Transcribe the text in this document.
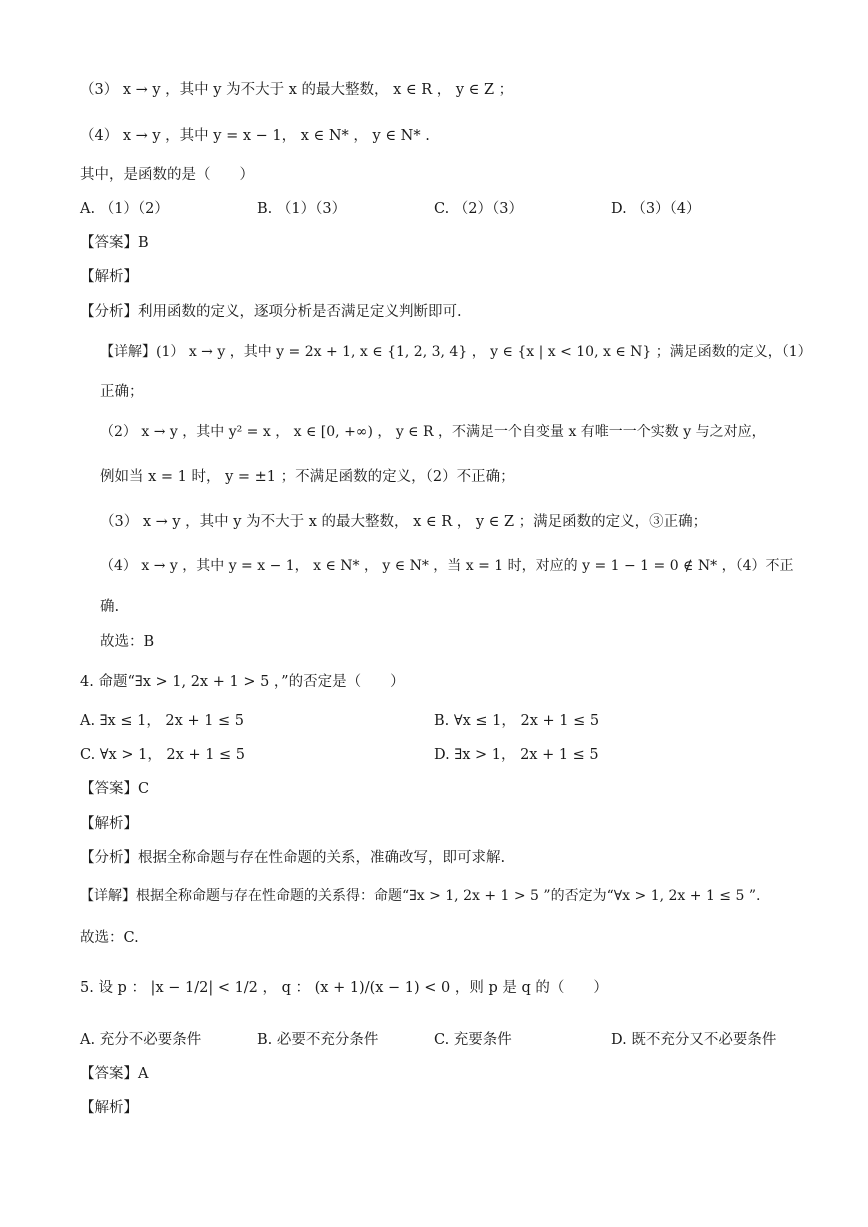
（3） x → y ，其中 y 为不大于 x 的最大整数， x ∈ R ， y ∈ Z ；
（4） x → y ，其中 y = x − 1， x ∈ N* ， y ∈ N* .
其中，是函数的是（　　）
A. （1）（2）	B. （1）（3）	C. （2）（3）	D. （3）（4）
【答案】B
【解析】
【分析】利用函数的定义，逐项分析是否满足定义判断即可.
【详解】(1） x → y ，其中 y = 2x + 1, x ∈ {1, 2, 3, 4} ， y ∈ {x | x < 10, x ∈ N} ；满足函数的定义，（1）
正确；
（2） x → y ，其中 y² = x ， x ∈ [0, +∞) ， y ∈ R ，不满足一个自变量 x 有唯一一个实数 y 与之对应，
例如当 x = 1 时， y = ±1 ；不满足函数的定义，（2）不正确；
（3） x → y ，其中 y 为不大于 x 的最大整数， x ∈ R ， y ∈ Z ；满足函数的定义，③正确；
（4） x → y ，其中 y = x − 1， x ∈ N* ， y ∈ N* ，当 x = 1 时，对应的 y = 1 − 1 = 0 ∉ N* ，（4）不正
确.
故选：B
4. 命题“∃x > 1, 2x + 1 > 5 ，”的否定是（　　）
A. ∃x ≤ 1， 2x + 1 ≤ 5	B. ∀x ≤ 1， 2x + 1 ≤ 5
C. ∀x > 1， 2x + 1 ≤ 5	D. ∃x > 1， 2x + 1 ≤ 5
【答案】C
【解析】
【分析】根据全称命题与存在性命题的关系，准确改写，即可求解.
【详解】根据全称命题与存在性命题的关系得：命题“∃x > 1, 2x + 1 > 5 ”的否定为“∀x > 1, 2x + 1 ≤ 5 ”.
故选：C.
5. 设 p ： |x − 1/2| < 1/2 ， q ： (x + 1)/(x − 1) < 0 ，则 p 是 q 的（　　）
A. 充分不必要条件	B. 必要不充分条件	C. 充要条件	D. 既不充分又不必要条件
【答案】A
【解析】
